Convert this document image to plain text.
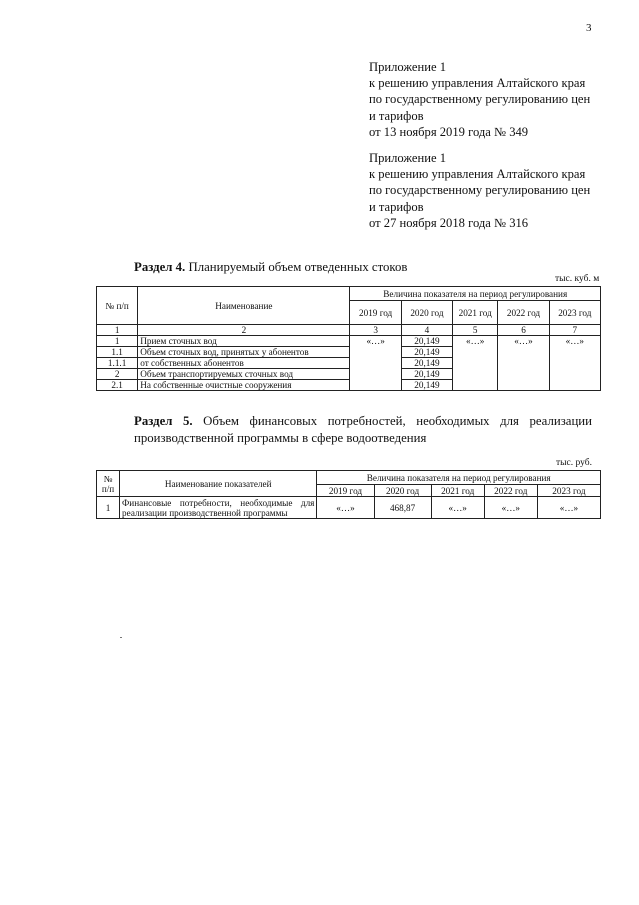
3
Приложение 1
к решению управления Алтайского края
по государственному регулированию цен
и тарифов
от 13 ноября 2019 года № 349
Приложение 1
к решению управления Алтайского края
по государственному регулированию цен
и тарифов
от 27 ноября 2018 года № 316
Раздел 4. Планируемый объем отведенных стоков
тыс. куб. м
№ п/п	Наименование	Величина показателя на период регулирования				
		2019 год	2020 год	2021 год	2022 год	2023 год
1	2	3	4	5	6	7
1	Прием сточных вод	«…»	20,149	«…»	«…»	«…»
1.1	Объем сточных вод, принятых у абонентов		20,149			
1.1.1	от собственных абонентов		20,149			
2	Объем транспортируемых сточных вод		20,149			
2.1	На собственные очистные сооружения		20,149			
Раздел 5. Объем финансовых потребностей, необходимых для реализации производственной программы в сфере водоотведения
тыс. руб.
№ п/п	Наименование показателей	Величина показателя на период регулирования				
		2019 год	2020 год	2021 год	2022 год	2023 год
1	Финансовые потребности, необходимые для реализации производственной программы	«…»	468,87	«…»	«…»	«…»
